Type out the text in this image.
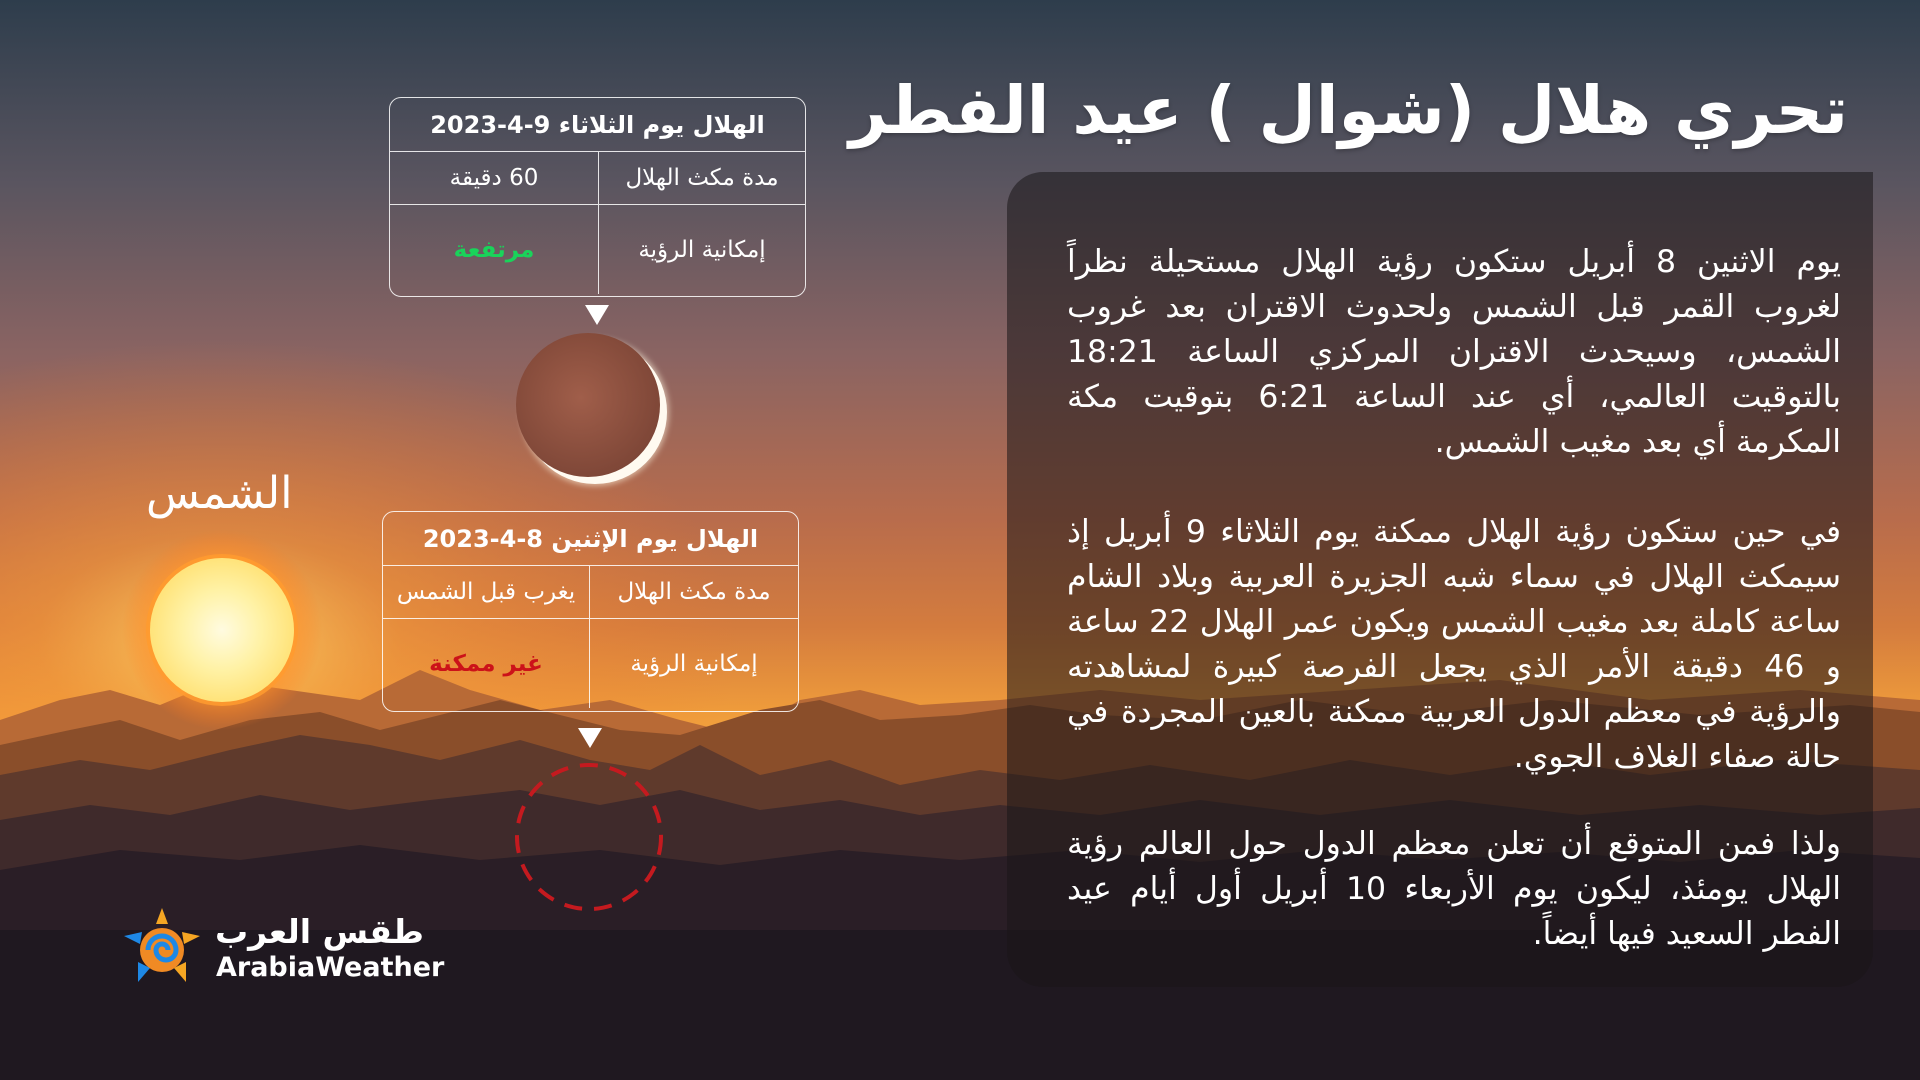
تحري هلال (شوال ) عيد الفطر
يوم الاثنين 8 أبريل ستكون رؤية الهلال مستحيلة نظراً لغروب القمر قبل الشمس ولحدوث الاقتران بعد غروب الشمس، وسيحدث الاقتران المركزي الساعة 18:21 بالتوقيت العالمي، أي عند الساعة 6:21 بتوقيت مكة المكرمة أي بعد مغيب الشمس.
في حين ستكون رؤية الهلال ممكنة يوم الثلاثاء 9 أبريل إذ سيمكث الهلال في سماء شبه الجزيرة العربية وبلاد الشام ساعة كاملة بعد مغيب الشمس ويكون عمر الهلال 22 ساعة و 46 دقيقة الأمر الذي يجعل الفرصة كبيرة لمشاهدته والرؤية في معظم الدول العربية ممكنة بالعين المجردة في حالة صفاء الغلاف الجوي.
ولذا فمن المتوقع أن تعلن معظم الدول حول العالم رؤية الهلال يومئذ، ليكون يوم الأربعاء 10 أبريل أول أيام عيد الفطر السعيد فيها أيضاً.
الهلال يوم الثلاثاء 9-4-2023
مدة مكث الهلال
60 دقيقة
إمكانية الرؤية
مرتفعة
الهلال يوم الإثنين 8-4-2023
مدة مكث الهلال
يغرب قبل الشمس
إمكانية الرؤية
غير ممكنة
الشمس
طقس العرب
ArabiaWeather
